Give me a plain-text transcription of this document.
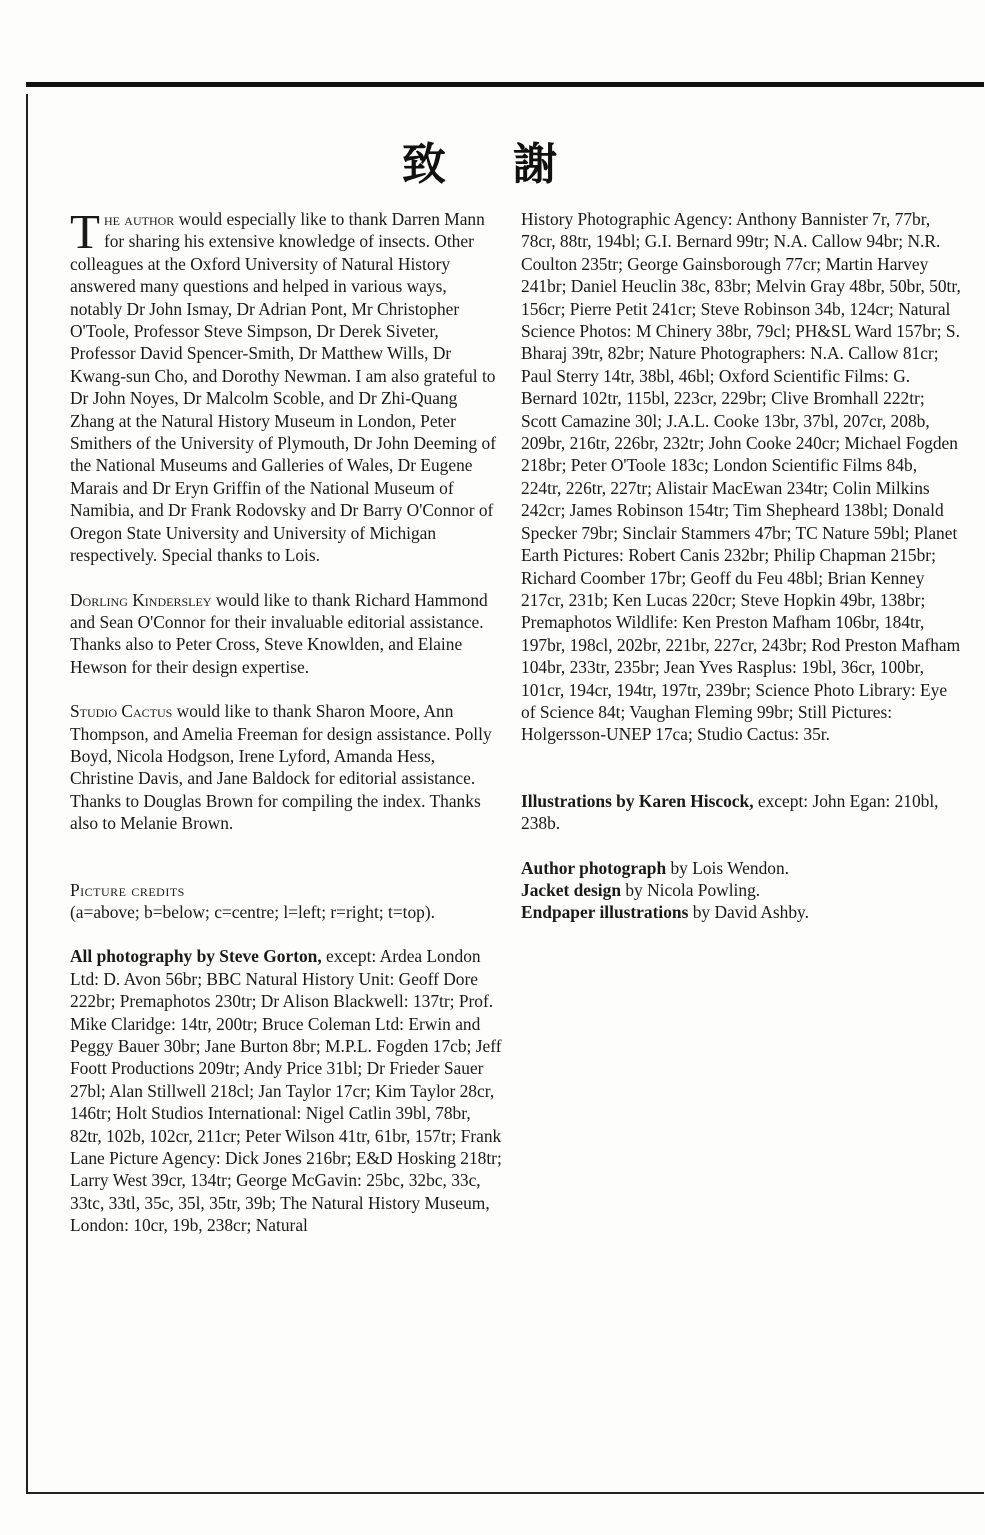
致 謝

The author would especially like to thank Darren Mann for sharing his extensive knowledge of insects. Other colleagues at the Oxford University of Natural History answered many questions and helped in various ways, notably Dr John Ismay, Dr Adrian Pont, Mr Christopher O'Toole, Professor Steve Simpson, Dr Derek Siveter, Professor David Spencer-Smith, Dr Matthew Wills, Dr Kwang-sun Cho, and Dorothy Newman. I am also grateful to Dr John Noyes, Dr Malcolm Scoble, and Dr Zhi-Quang Zhang at the Natural History Museum in London, Peter Smithers of the University of Plymouth, Dr John Deeming of the National Museums and Galleries of Wales, Dr Eugene Marais and Dr Eryn Griffin of the National Museum of Namibia, and Dr Frank Rodovsky and Dr Barry O'Connor of Oregon State University and University of Michigan respectively. Special thanks to Lois.

Dorling Kindersley would like to thank Richard Hammond and Sean O'Connor for their invaluable editorial assistance. Thanks also to Peter Cross, Steve Knowlden, and Elaine Hewson for their design expertise.

Studio Cactus would like to thank Sharon Moore, Ann Thompson, and Amelia Freeman for design assistance. Polly Boyd, Nicola Hodgson, Irene Lyford, Amanda Hess, Christine Davis, and Jane Baldock for editorial assistance. Thanks to Douglas Brown for compiling the index. Thanks also to Melanie Brown.

Picture credits

(a=above; b=below; c=centre; l=left; r=right; t=top).

All photography by Steve Gorton, except: Ardea London Ltd: D. Avon 56br; BBC Natural History Unit: Geoff Dore 222br; Premaphotos 230tr; Dr Alison Blackwell: 137tr; Prof. Mike Claridge: 14tr, 200tr; Bruce Coleman Ltd: Erwin and Peggy Bauer 30br; Jane Burton 8br; M.P.L. Fogden 17cb; Jeff Foott Productions 209tr; Andy Price 31bl; Dr Frieder Sauer 27bl; Alan Stillwell 218cl; Jan Taylor 17cr; Kim Taylor 28cr, 146tr; Holt Studios International: Nigel Catlin 39bl, 78br, 82tr, 102b, 102cr, 211cr; Peter Wilson 41tr, 61br, 157tr; Frank Lane Picture Agency: Dick Jones 216br; E&D Hosking 218tr; Larry West 39cr, 134tr; George McGavin: 25bc, 32bc, 33c, 33tc, 33tl, 35c, 35l, 35tr, 39b; The Natural History Museum, London: 10cr, 19b, 238cr; Natural

History Photographic Agency: Anthony Bannister 7r, 77br, 78cr, 88tr, 194bl; G.I. Bernard 99tr; N.A. Callow 94br; N.R. Coulton 235tr; George Gainsborough 77cr; Martin Harvey 241br; Daniel Heuclin 38c, 83br; Melvin Gray 48br, 50br, 50tr, 156cr; Pierre Petit 241cr; Steve Robinson 34b, 124cr; Natural Science Photos: M Chinery 38br, 79cl; PH&SL Ward 157br; S. Bharaj 39tr, 82br; Nature Photographers: N.A. Callow 81cr; Paul Sterry 14tr, 38bl, 46bl; Oxford Scientific Films: G. Bernard 102tr, 115bl, 223cr, 229br; Clive Bromhall 222tr; Scott Camazine 30l; J.A.L. Cooke 13br, 37bl, 207cr, 208b, 209br, 216tr, 226br, 232tr; John Cooke 240cr; Michael Fogden 218br; Peter O'Toole 183c; London Scientific Films 84b, 224tr, 226tr, 227tr; Alistair MacEwan 234tr; Colin Milkins 242cr; James Robinson 154tr; Tim Shepheard 138bl; Donald Specker 79br; Sinclair Stammers 47br; TC Nature 59bl; Planet Earth Pictures: Robert Canis 232br; Philip Chapman 215br; Richard Coomber 17br; Geoff du Feu 48bl; Brian Kenney 217cr, 231b; Ken Lucas 220cr; Steve Hopkin 49br, 138br; Premaphotos Wildlife: Ken Preston Mafham 106br, 184tr, 197br, 198cl, 202br, 221br, 227cr, 243br; Rod Preston Mafham 104br, 233tr, 235br; Jean Yves Rasplus: 19bl, 36cr, 100br, 101cr, 194cr, 194tr, 197tr, 239br; Science Photo Library: Eye of Science 84t; Vaughan Fleming 99br; Still Pictures: Holgersson-UNEP 17ca; Studio Cactus: 35r.

Illustrations by Karen Hiscock, except: John Egan: 210bl, 238b.

Author photograph by Lois Wendon.

Jacket design by Nicola Powling.

Endpaper illustrations by David Ashby.
